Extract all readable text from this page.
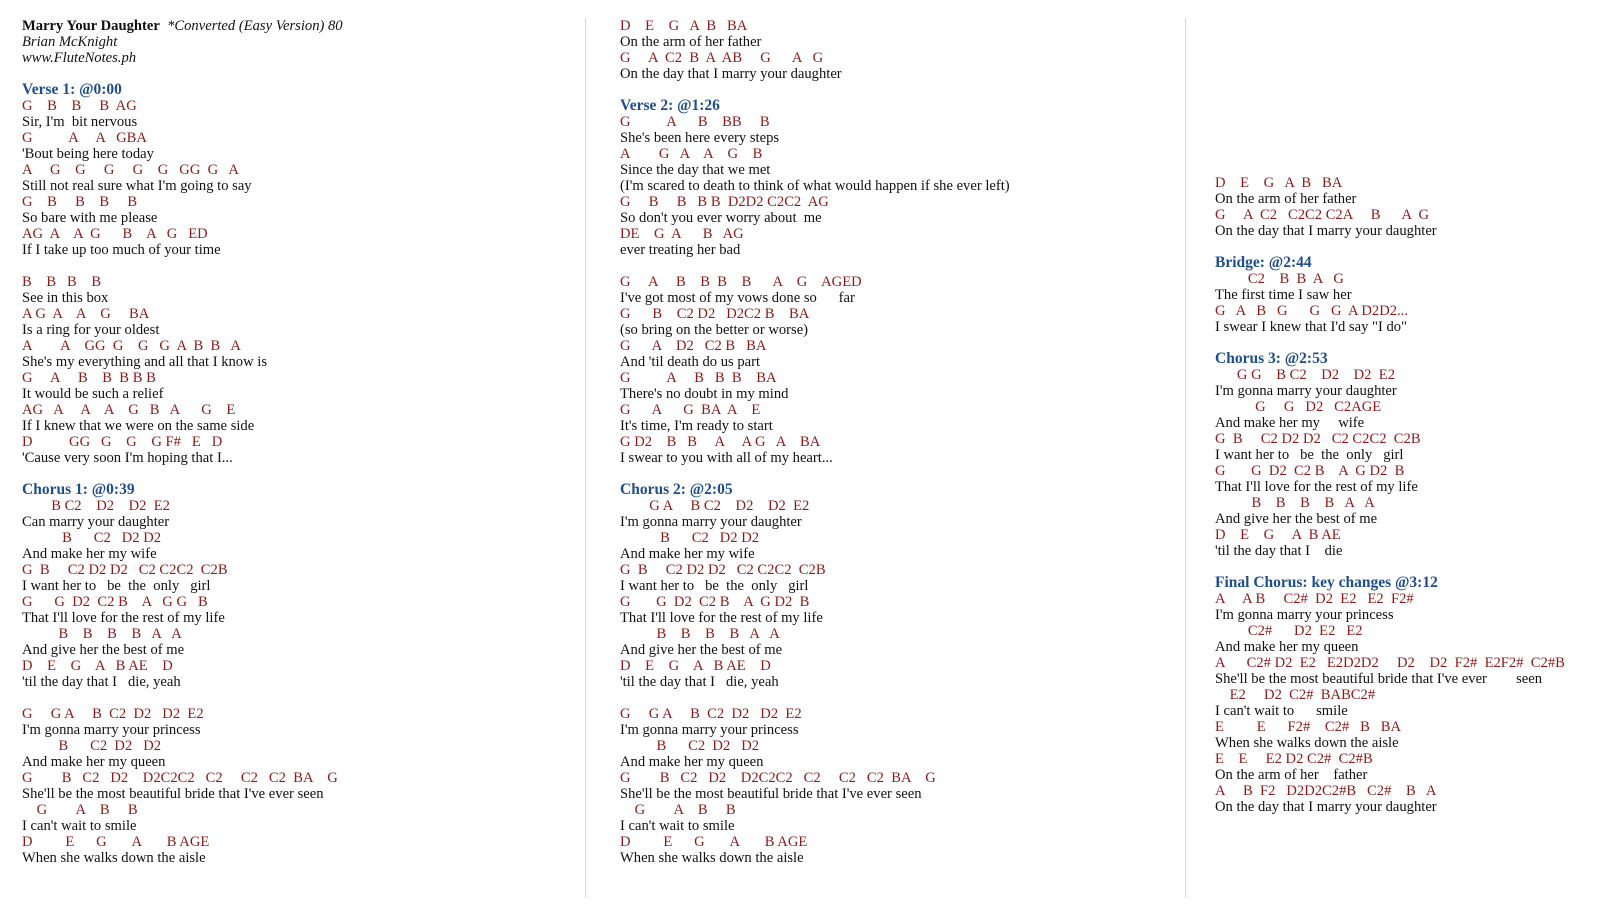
Marry Your Daughter *Converted (Easy Version) 80
Brian McKnight
www.FluteNotes.ph
Verse 1: @0:00
G    B    B     B  AG
Sir, I'm  bit nervous
G          A     A   GBA
'Bout being here today
A     G    G     G     G    G   GG  G   A
Still not real sure what I'm going to say
G    B     B    B     B
So bare with me please
AG  A    A  G      B    A   G   ED
If I take up too much of your time
B    B   B    B
See in this box
A G  A    A    G     BA
Is a ring for your oldest
A        A    GG  G    G   G  A  B  B   A
She's my everything and all that I know is
G     A     B    B  B B B
It would be such a relief
AG   A     A    A    G   B   A      G    E
If I knew that we were on the same side
D          GG   G    G    G F#   E   D
'Cause very soon I'm hoping that I...
Chorus 1: @0:39
B C2    D2    D2  E2
Can marry your daughter
B      C2   D2 D2
And make her my wife
G  B     C2 D2 D2   C2 C2C2  C2B
I want her to   be  the  only   girl
G      G  D2  C2 B    A   G G   B
That I'll love for the rest of my life
B    B    B    B   A   A
And give her the best of me
D    E    G    A   B AE    D
'til the day that I   die, yeah
G     G A     B  C2  D2   D2  E2
I'm gonna marry your princess
B      C2  D2   D2
And make her my queen
G        B   C2   D2    D2C2C2   C2     C2   C2  BA    G
She'll be the most beautiful bride that I've ever seen
G        A    B     B
I can't wait to smile
D         E      G       A       B AGE
When she walks down the aisle
D    E    G   A  B   BA
On the arm of her father
G     A  C2  B  A  AB     G      A   G
On the day that I marry your daughter
Verse 2: @1:26
G          A      B    BB     B
She's been here every steps
A        G   A    A    G    B
Since the day that we met
(I'm scared to death to think of what would happen if she ever left)
G     B     B   B B  D2D2 C2C2  AG
So don't you ever worry about  me
DE    G  A      B   AG
ever treating her bad
G     A     B    B  B    B      A    G    AGED
I've got most of my vows done so      far
G      B    C2 D2   D2C2 B    BA
(so bring on the better or worse)
G      A    D2   C2 B   BA
And 'til death do us part
G          A     B   B  B    BA
There's no doubt in my mind
G      A      G  BA  A    E
It's time, I'm ready to start
G D2    B   B     A     A G   A    BA
I swear to you with all of my heart...
Chorus 2: @2:05
G A     B C2    D2    D2  E2
I'm gonna marry your daughter
B      C2   D2 D2
And make her my wife
G  B     C2 D2 D2   C2 C2C2  C2B
I want her to   be  the  only   girl
G       G  D2  C2 B    A  G D2  B
That I'll love for the rest of my life
B    B    B    B   A   A
And give her the best of me
D    E    G    A   B AE    D
'til the day that I   die, yeah
G     G A     B  C2  D2   D2  E2
I'm gonna marry your princess
B      C2  D2   D2
And make her my queen
G        B   C2   D2    D2C2C2   C2     C2   C2  BA    G
She'll be the most beautiful bride that I've ever seen
G        A    B     B
I can't wait to smile
D         E      G       A       B AGE
When she walks down the aisle
D    E    G   A  B   BA
On the arm of her father
G     A  C2   C2C2 C2A     B      A  G
On the day that I marry your daughter
Bridge: @2:44
C2    B  B  A   G
The first time I saw her
G   A   B   G      G   G  A D2D2...
I swear I knew that I'd say "I do"
Chorus 3: @2:53
G G    B C2    D2    D2  E2
I'm gonna marry your daughter
G     G   D2   C2AGE
And make her my     wife
G  B     C2 D2 D2   C2 C2C2  C2B
I want her to   be  the  only   girl
G       G  D2  C2 B    A  G D2  B
That I'll love for the rest of my life
B    B    B    B   A   A
And give her the best of me
D    E    G     A  B AE
'til the day that I    die
Final Chorus: key changes @3:12
A     A B     C2#  D2  E2   E2  F2#
I'm gonna marry your princess
C2#      D2  E2   E2
And make her my queen
A      C2# D2  E2   E2D2D2     D2    D2  F2#  E2F2#  C2#B
She'll be the most beautiful bride that I've ever        seen
E2     D2  C2#  BABC2#
I can't wait to      smile
E         E      F2#    C2#   B   BA
When she walks down the aisle
E    E     E2 D2 C2#  C2#B
On the arm of her    father
A     B  F2   D2D2C2#B   C2#    B   A
On the day that I marry your daughter
